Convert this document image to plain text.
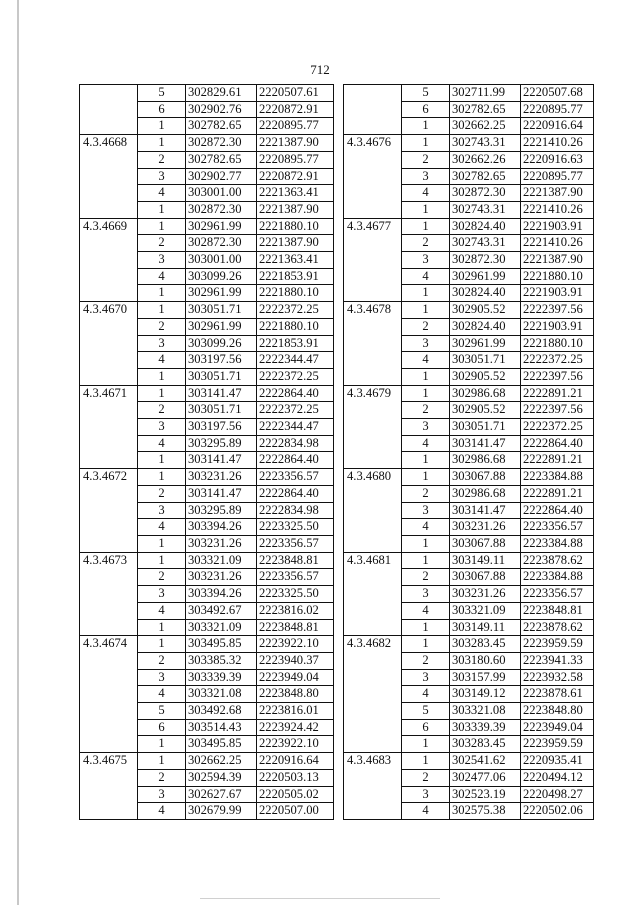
712
	5	302829.61	2220507.61
	6	302902.76	2220872.91
	1	302782.65	2220895.77
4.3.4668	1	302872.30	2221387.90
	2	302782.65	2220895.77
	3	302902.77	2220872.91
	4	303001.00	2221363.41
	1	302872.30	2221387.90
4.3.4669	1	302961.99	2221880.10
	2	302872.30	2221387.90
	3	303001.00	2221363.41
	4	303099.26	2221853.91
	1	302961.99	2221880.10
4.3.4670	1	303051.71	2222372.25
	2	302961.99	2221880.10
	3	303099.26	2221853.91
	4	303197.56	2222344.47
	1	303051.71	2222372.25
4.3.4671	1	303141.47	2222864.40
	2	303051.71	2222372.25
	3	303197.56	2222344.47
	4	303295.89	2222834.98
	1	303141.47	2222864.40
4.3.4672	1	303231.26	2223356.57
	2	303141.47	2222864.40
	3	303295.89	2222834.98
	4	303394.26	2223325.50
	1	303231.26	2223356.57
4.3.4673	1	303321.09	2223848.81
	2	303231.26	2223356.57
	3	303394.26	2223325.50
	4	303492.67	2223816.02
	1	303321.09	2223848.81
4.3.4674	1	303495.85	2223922.10
	2	303385.32	2223940.37
	3	303339.39	2223949.04
	4	303321.08	2223848.80
	5	303492.68	2223816.01
	6	303514.43	2223924.42
	1	303495.85	2223922.10
4.3.4675	1	302662.25	2220916.64
	2	302594.39	2220503.13
	3	302627.67	2220505.02
	4	302679.99	2220507.00
	5	302711.99	2220507.68
	6	302782.65	2220895.77
	1	302662.25	2220916.64
4.3.4676	1	302743.31	2221410.26
	2	302662.26	2220916.63
	3	302782.65	2220895.77
	4	302872.30	2221387.90
	1	302743.31	2221410.26
4.3.4677	1	302824.40	2221903.91
	2	302743.31	2221410.26
	3	302872.30	2221387.90
	4	302961.99	2221880.10
	1	302824.40	2221903.91
4.3.4678	1	302905.52	2222397.56
	2	302824.40	2221903.91
	3	302961.99	2221880.10
	4	303051.71	2222372.25
	1	302905.52	2222397.56
4.3.4679	1	302986.68	2222891.21
	2	302905.52	2222397.56
	3	303051.71	2222372.25
	4	303141.47	2222864.40
	1	302986.68	2222891.21
4.3.4680	1	303067.88	2223384.88
	2	302986.68	2222891.21
	3	303141.47	2222864.40
	4	303231.26	2223356.57
	1	303067.88	2223384.88
4.3.4681	1	303149.11	2223878.62
	2	303067.88	2223384.88
	3	303231.26	2223356.57
	4	303321.09	2223848.81
	1	303149.11	2223878.62
4.3.4682	1	303283.45	2223959.59
	2	303180.60	2223941.33
	3	303157.99	2223932.58
	4	303149.12	2223878.61
	5	303321.08	2223848.80
	6	303339.39	2223949.04
	1	303283.45	2223959.59
4.3.4683	1	302541.62	2220935.41
	2	302477.06	2220494.12
	3	302523.19	2220498.27
	4	302575.38	2220502.06
